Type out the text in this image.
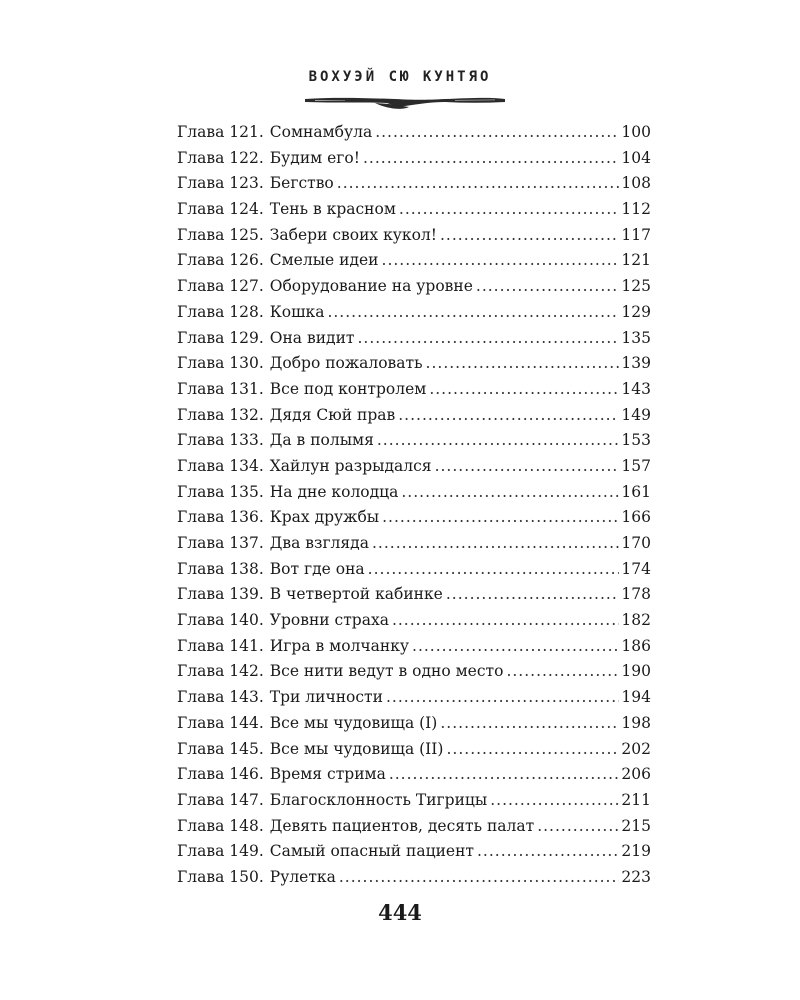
ВОХУЭЙ СЮ КУНТЯО
Глава 121. Сомнамбула .....	100
Глава 122. Будим его! .....	104
Глава 123. Бегство .....	108
Глава 124. Тень в красном .....	112
Глава 125. Забери своих кукол! .....	117
Глава 126. Смелые идеи .....	121
Глава 127. Оборудование на уровне .....	125
Глава 128. Кошка .....	129
Глава 129. Она видит .....	135
Глава 130. Добро пожаловать .....	139
Глава 131. Все под контролем .....	143
Глава 132. Дядя Сюй прав .....	149
Глава 133. Да в полымя .....	153
Глава 134. Хайлун разрыдался .....	157
Глава 135. На дне колодца .....	161
Глава 136. Крах дружбы .....	166
Глава 137. Два взгляда .....	170
Глава 138. Вот где она .....	174
Глава 139. В четвертой кабинке .....	178
Глава 140. Уровни страха .....	182
Глава 141. Игра в молчанку .....	186
Глава 142. Все нити ведут в одно место .....	190
Глава 143. Три личности .....	194
Глава 144. Все мы чудовища (I) .....	198
Глава 145. Все мы чудовища (II) .....	202
Глава 146. Время стрима .....	206
Глава 147. Благосклонность Тигрицы .....	211
Глава 148. Девять пациентов, десять палат .....	215
Глава 149. Самый опасный пациент .....	219
Глава 150. Рулетка .....	223
444
